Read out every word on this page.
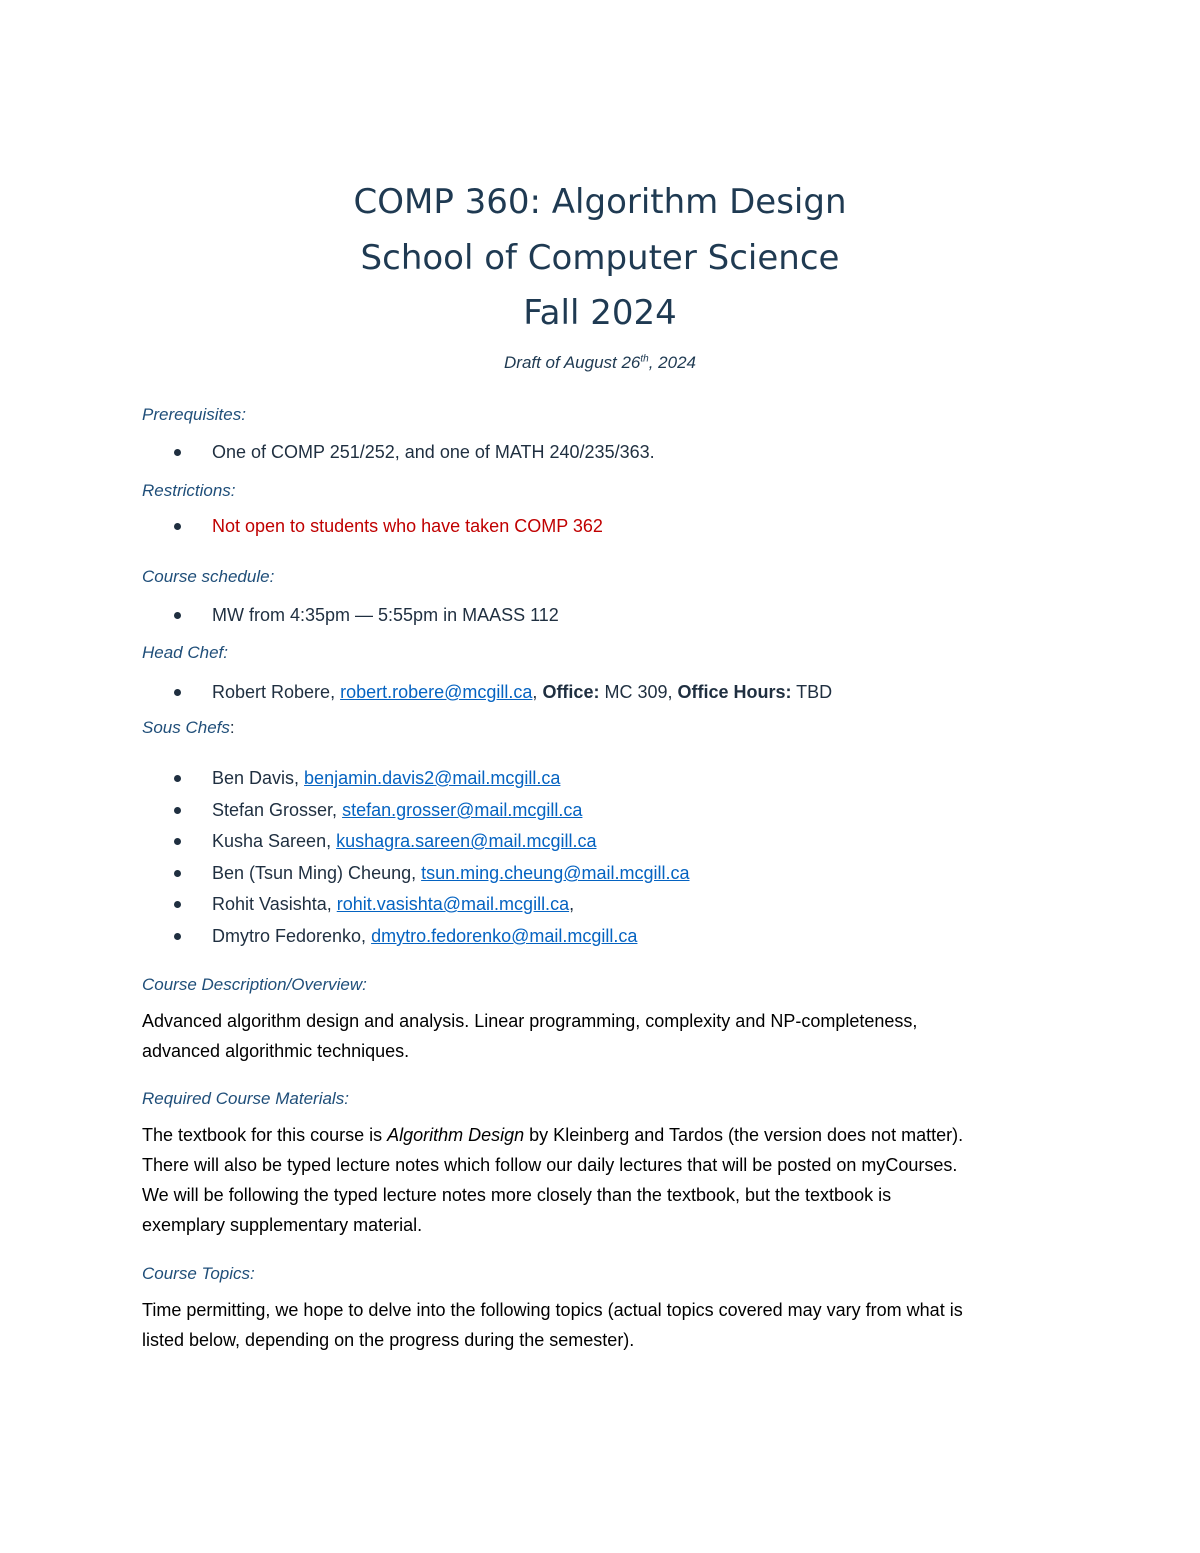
COMP 360: Algorithm Design
School of Computer Science
Fall 2024
Draft of August 26th, 2024
Prerequisites:
One of COMP 251/252, and one of MATH 240/235/363.
Restrictions:
Not open to students who have taken COMP 362
Course schedule:
MW from 4:35pm — 5:55pm in MAASS 112
Head Chef:
Robert Robere, robert.robere@mcgill.ca, Office: MC 309, Office Hours: TBD
Sous Chefs:
Ben Davis, benjamin.davis2@mail.mcgill.ca
Stefan Grosser, stefan.grosser@mail.mcgill.ca
Kusha Sareen, kushagra.sareen@mail.mcgill.ca
Ben (Tsun Ming) Cheung, tsun.ming.cheung@mail.mcgill.ca
Rohit Vasishta, rohit.vasishta@mail.mcgill.ca,
Dmytro Fedorenko, dmytro.fedorenko@mail.mcgill.ca
Course Description/Overview:
Advanced algorithm design and analysis. Linear programming, complexity and NP-completeness,
advanced algorithmic techniques.
Required Course Materials:
The textbook for this course is Algorithm Design by Kleinberg and Tardos (the version does not matter).
There will also be typed lecture notes which follow our daily lectures that will be posted on myCourses.
We will be following the typed lecture notes more closely than the textbook, but the textbook is
exemplary supplementary material.
Course Topics:
Time permitting, we hope to delve into the following topics (actual topics covered may vary from what is
listed below, depending on the progress during the semester).
